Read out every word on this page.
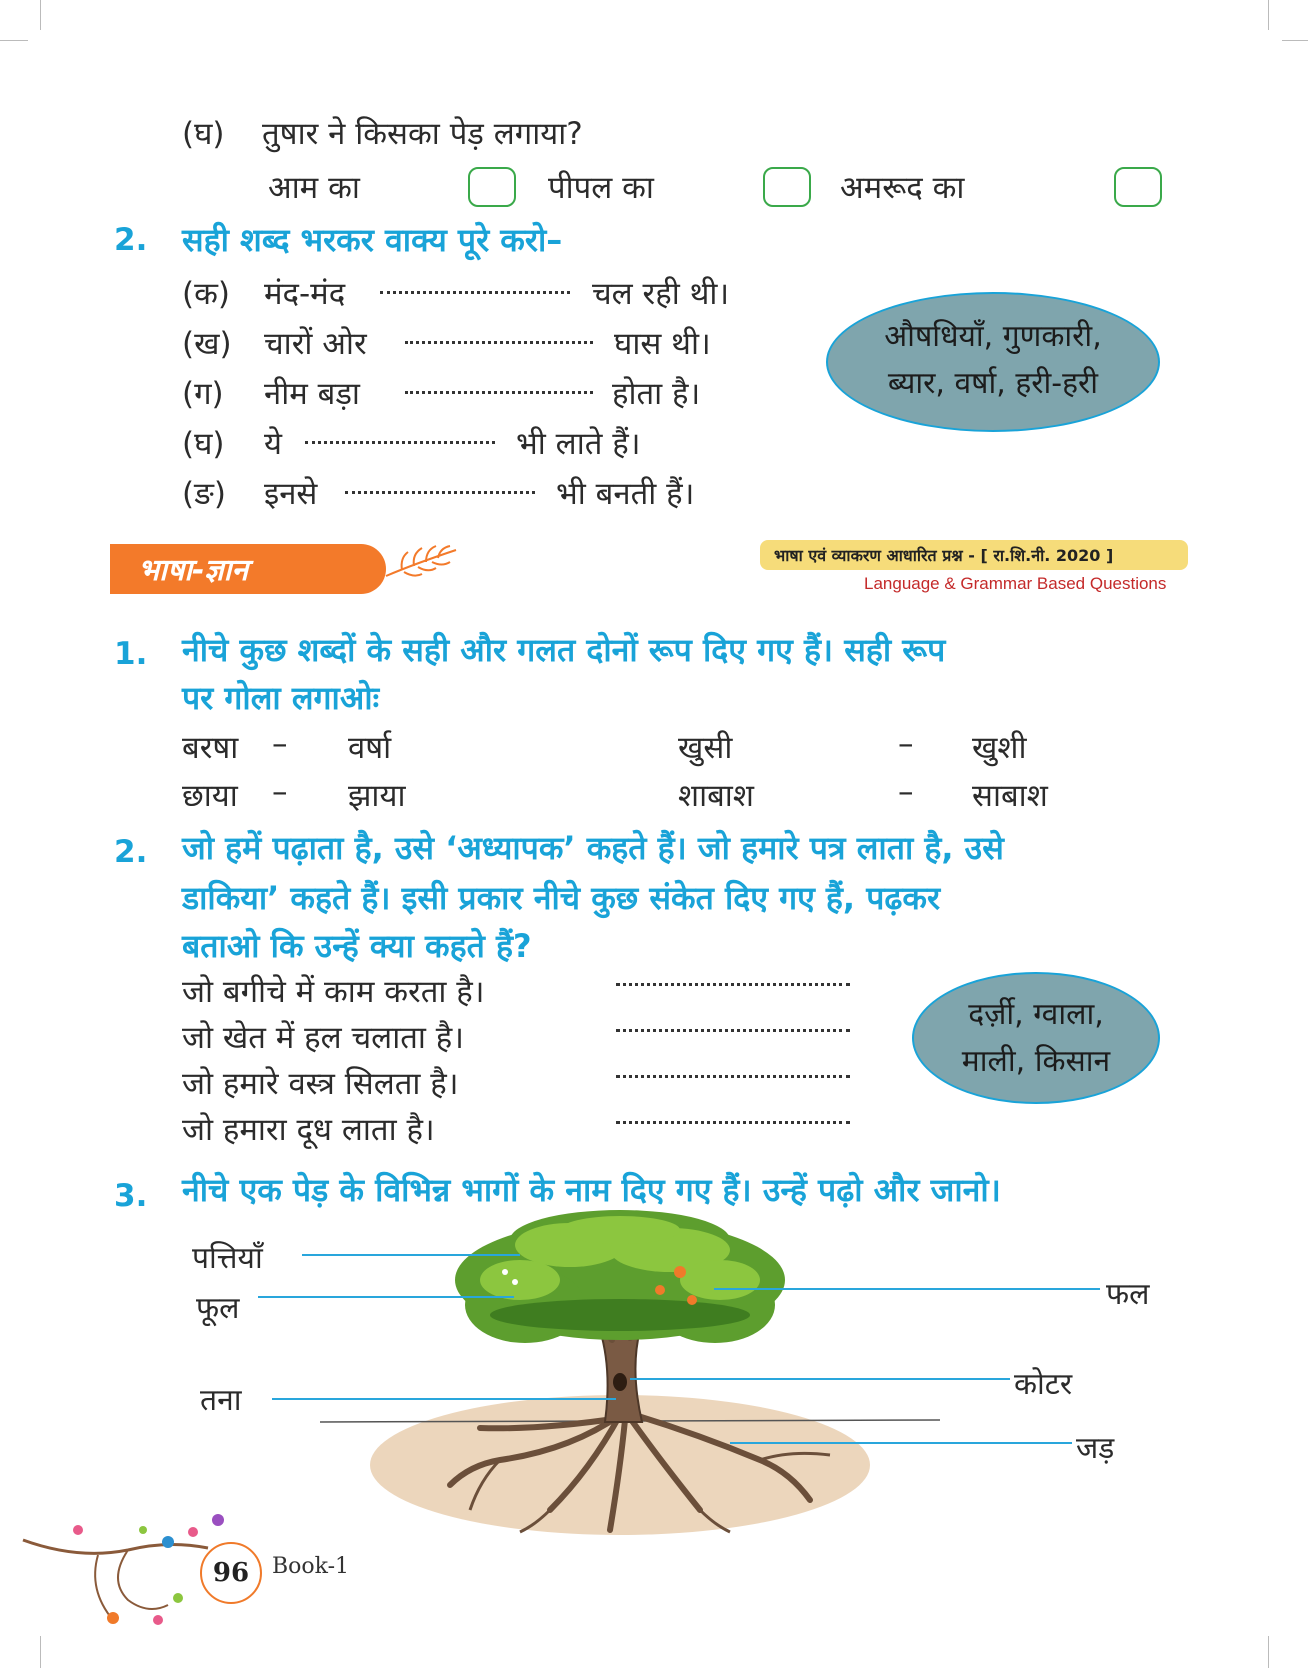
(घ) तुषार ने किसका पेड़ लगाया?
आम का	पीपल का	अमरूद का
2. सही शब्द भरकर वाक्य पूरे करो–
(क) मंद-मंद	चल रही थी।
(ख) चारों ओर	घास थी।
(ग) नीम बड़ा	होता है।
(घ) ये	भी लाते हैं।
(ङ) इनसे	भी बनती हैं।
औषधियाँ, गुणकारी,
ब्यार, वर्षा, हरी-हरी
भाषा-ज्ञान	भाषा एवं व्याकरण आधारित प्रश्न - [ रा.शि.नी. 2020 ]
Language & Grammar Based Questions
1. नीचे कुछ शब्दों के सही और गलत दोनों रूप दिए गए हैं। सही रूप
पर गोला लगाओः
बरषा – वर्षा	खुसी	– खुशी
छाया – झाया	शाबाश	– साबाश
2. जो हमें पढ़ाता है, उसे ‘अध्यापक’ कहते हैं। जो हमारे पत्र लाता है, उसे
डाकिया’ कहते हैं। इसी प्रकार नीचे कुछ संकेत दिए गए हैं, पढ़कर
बताओ कि उन्हें क्या कहते हैं?
जो बगीचे में काम करता है।
जो खेत में हल चलाता है।
जो हमारे वस्त्र सिलता है।
जो हमारा दूध लाता है।
दर्ज़ी, ग्वाला,
माली, किसान
3. नीचे एक पेड़ के विभिन्न भागों के नाम दिए गए हैं। उन्हें पढ़ो और जानो।
पत्तियाँ
फूल
तना
फल
कोटर
जड़
96	Book-1
